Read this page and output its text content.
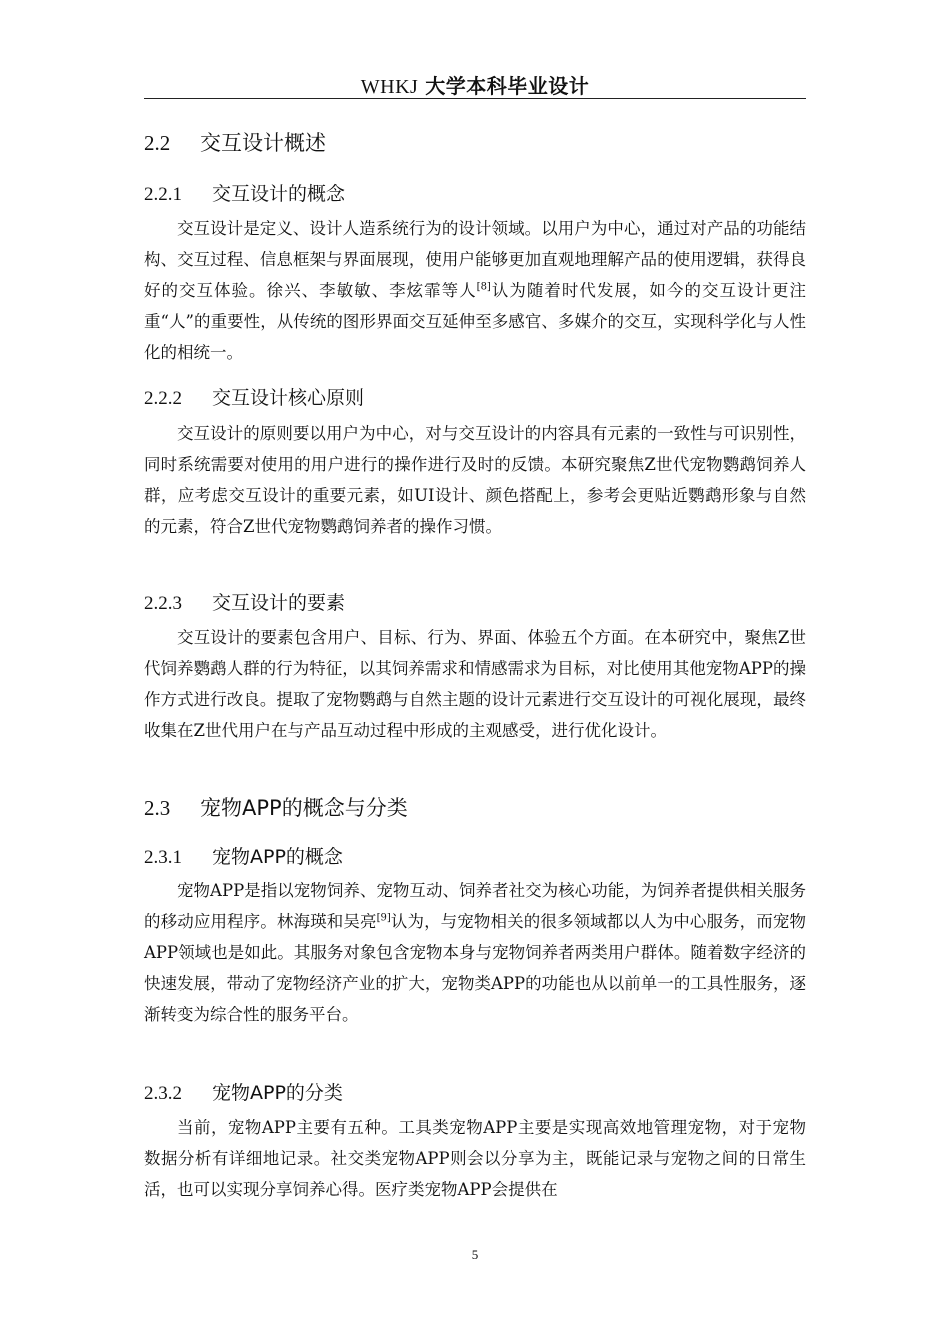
WHKJ 大学本科毕业设计
2.2 交互设计概述
2.2.1 交互设计的概念
交互设计是定义、设计人造系统行为的设计领域。以用户为中心，通过对产品的功能结构、交互过程、信息框架与界面展现，使用户能够更加直观地理解产品的使用逻辑，获得良好的交互体验。徐兴、李敏敏、李炫霏等人[8]认为随着时代发展，如今的交互设计更注重“人”的重要性，从传统的图形界面交互延伸至多感官、多媒介的交互，实现科学化与人性化的相统一。
2.2.2 交互设计核心原则
交互设计的原则要以用户为中心，对与交互设计的内容具有元素的一致性与可识别性，同时系统需要对使用的用户进行的操作进行及时的反馈。本研究聚焦Z世代宠物鹦鹉饲养人群，应考虑交互设计的重要元素，如UI设计、颜色搭配上，参考会更贴近鹦鹉形象与自然的元素，符合Z世代宠物鹦鹉饲养者的操作习惯。
2.2.3 交互设计的要素
交互设计的要素包含用户、目标、行为、界面、体验五个方面。在本研究中，聚焦Z世代饲养鹦鹉人群的行为特征，以其饲养需求和情感需求为目标，对比使用其他宠物APP的操作方式进行改良。提取了宠物鹦鹉与自然主题的设计元素进行交互设计的可视化展现，最终收集在Z世代用户在与产品互动过程中形成的主观感受，进行优化设计。
2.3 宠物APP的概念与分类
2.3.1 宠物APP的概念
宠物APP是指以宠物饲养、宠物互动、饲养者社交为核心功能，为饲养者提供相关服务的移动应用程序。林海瑛和吴亮[9]认为，与宠物相关的很多领域都以人为中心服务，而宠物APP领域也是如此。其服务对象包含宠物本身与宠物饲养者两类用户群体。随着数字经济的快速发展，带动了宠物经济产业的扩大，宠物类APP的功能也从以前单一的工具性服务，逐渐转变为综合性的服务平台。
2.3.2 宠物APP的分类
当前，宠物APP主要有五种。工具类宠物APP主要是实现高效地管理宠物，对于宠物数据分析有详细地记录。社交类宠物APP则会以分享为主，既能记录与宠物之间的日常生活，也可以实现分享饲养心得。医疗类宠物APP会提供在
5
